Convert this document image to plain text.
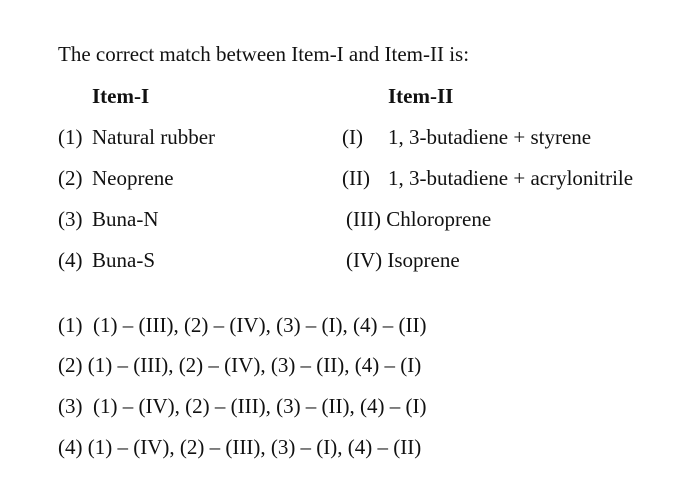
The correct match between Item-I and Item-II is:
Item-I	Item-II
(1) Natural rubber	(I) 1, 3-butadiene + styrene
(2) Neoprene	(II) 1, 3-butadiene + acrylonitrile
(3) Buna-N	(III) Chloroprene
(4) Buna-S	(IV) Isoprene
(1)  (1) – (III), (2) – (IV), (3) – (I), (4) – (II)
(2) (1) – (III), (2) – (IV), (3) – (II), (4) – (I)
(3)  (1) – (IV), (2) – (III), (3) – (II), (4) – (I)
(4) (1) – (IV), (2) – (III), (3) – (I), (4) – (II)
